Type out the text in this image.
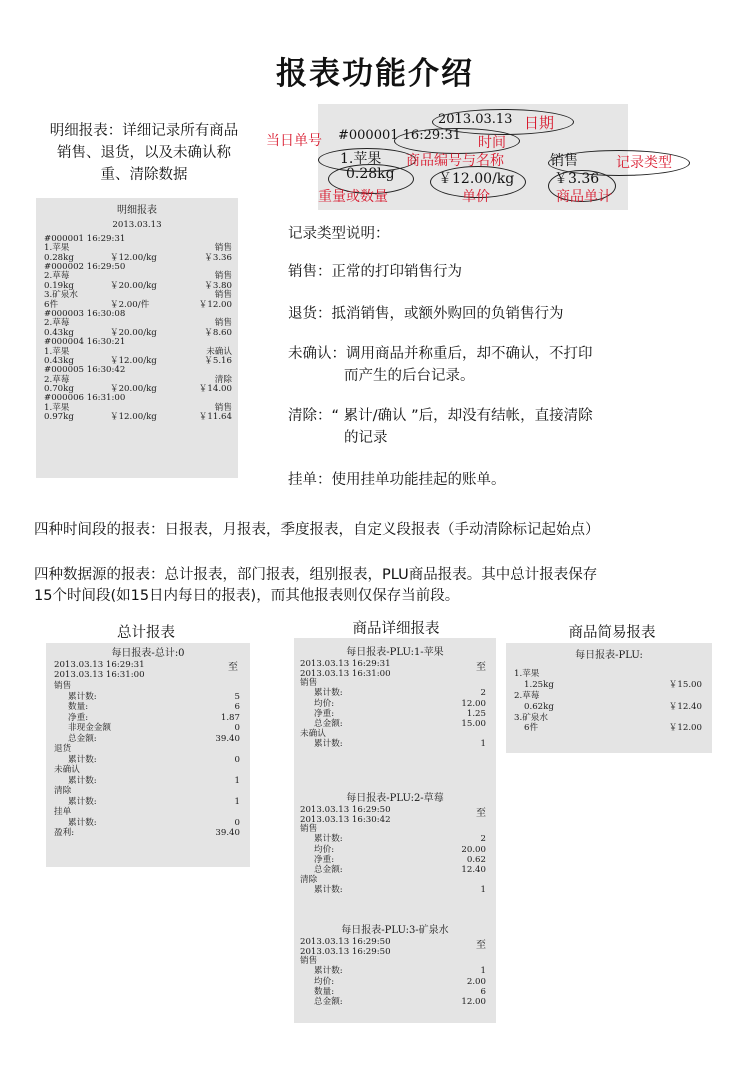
报表功能介绍
明细报表：详细记录所有商品
销售、退货，以及未确认称
重、清除数据
2013.03.13
#000001 16:29:31
1.苹果	销售
0.28kg	￥12.00/kg	￥3.36
日期
当日单号	时间
商品编号与名称	记录类型
重量或数量	单价	商品单计
明细报表
2013.03.13
#000001 16:29:31
1.苹果	销售
0.28kg	￥12.00/kg	￥3.36
#000002 16:29:50
2.草莓	销售
0.19kg	￥20.00/kg	￥3.80
3.矿泉水	销售
6件	￥2.00/件	￥12.00
#000003 16:30:08
2.草莓	销售
0.43kg	￥20.00/kg	￥8.60
#000004 16:30:21
1.苹果	未确认
0.43kg	￥12.00/kg	￥5.16
#000005 16:30:42
2.草莓	清除
0.70kg	￥20.00/kg	￥14.00
#000006 16:31:00
1.苹果	销售
0.97kg	￥12.00/kg	￥11.64
记录类型说明：
销售：正常的打印销售行为
退货：抵消销售，或额外购回的负销售行为
未确认：调用商品并称重后，却不确认，不打印
而产生的后台记录。
清除：“ 累计/确认 ”后，却没有结帐，直接清除
的记录
挂单：使用挂单功能挂起的账单。
四种时间段的报表：日报表，月报表，季度报表，自定义段报表（手动清除标记起始点）
四种数据源的报表：总计报表，部门报表，组别报表，PLU商品报表。其中总计报表保存
15个时间段(如15日内每日的报表)，而其他报表则仅保存当前段。
总计报表	商品详细报表	商品简易报表
每日报表-总计:0
2013.03.13 16:29:31
2013.03.13 16:31:00
至
销售
累计数:	5
数量:	6
净重:	1.87
非现金金额	0
总金额:	39.40
退货
累计数:	0
未确认
累计数:	1
清除
累计数:	1
挂单
累计数:	0
盈利:	39.40
每日报表-PLU:1-苹果
2013.03.13 16:29:31
2013.03.13 16:31:00
至
销售
累计数:	2
均价:	12.00
净重:	1.25
总金额:	15.00
未确认
累计数:	1
每日报表-PLU:2-草莓
2013.03.13 16:29:50
2013.03.13 16:30:42
至
销售
累计数:	2
均价:	20.00
净重:	0.62
总金额:	12.40
清除
累计数:	1
每日报表-PLU:3-矿泉水
2013.03.13 16:29:50
2013.03.13 16:29:50
至
销售
累计数:	1
均价:	2.00
数量:	6
总金额:	12.00
每日报表-PLU:
1.苹果
1.25kg	￥15.00
2.草莓
0.62kg	￥12.40
3.矿泉水
6件	￥12.00
